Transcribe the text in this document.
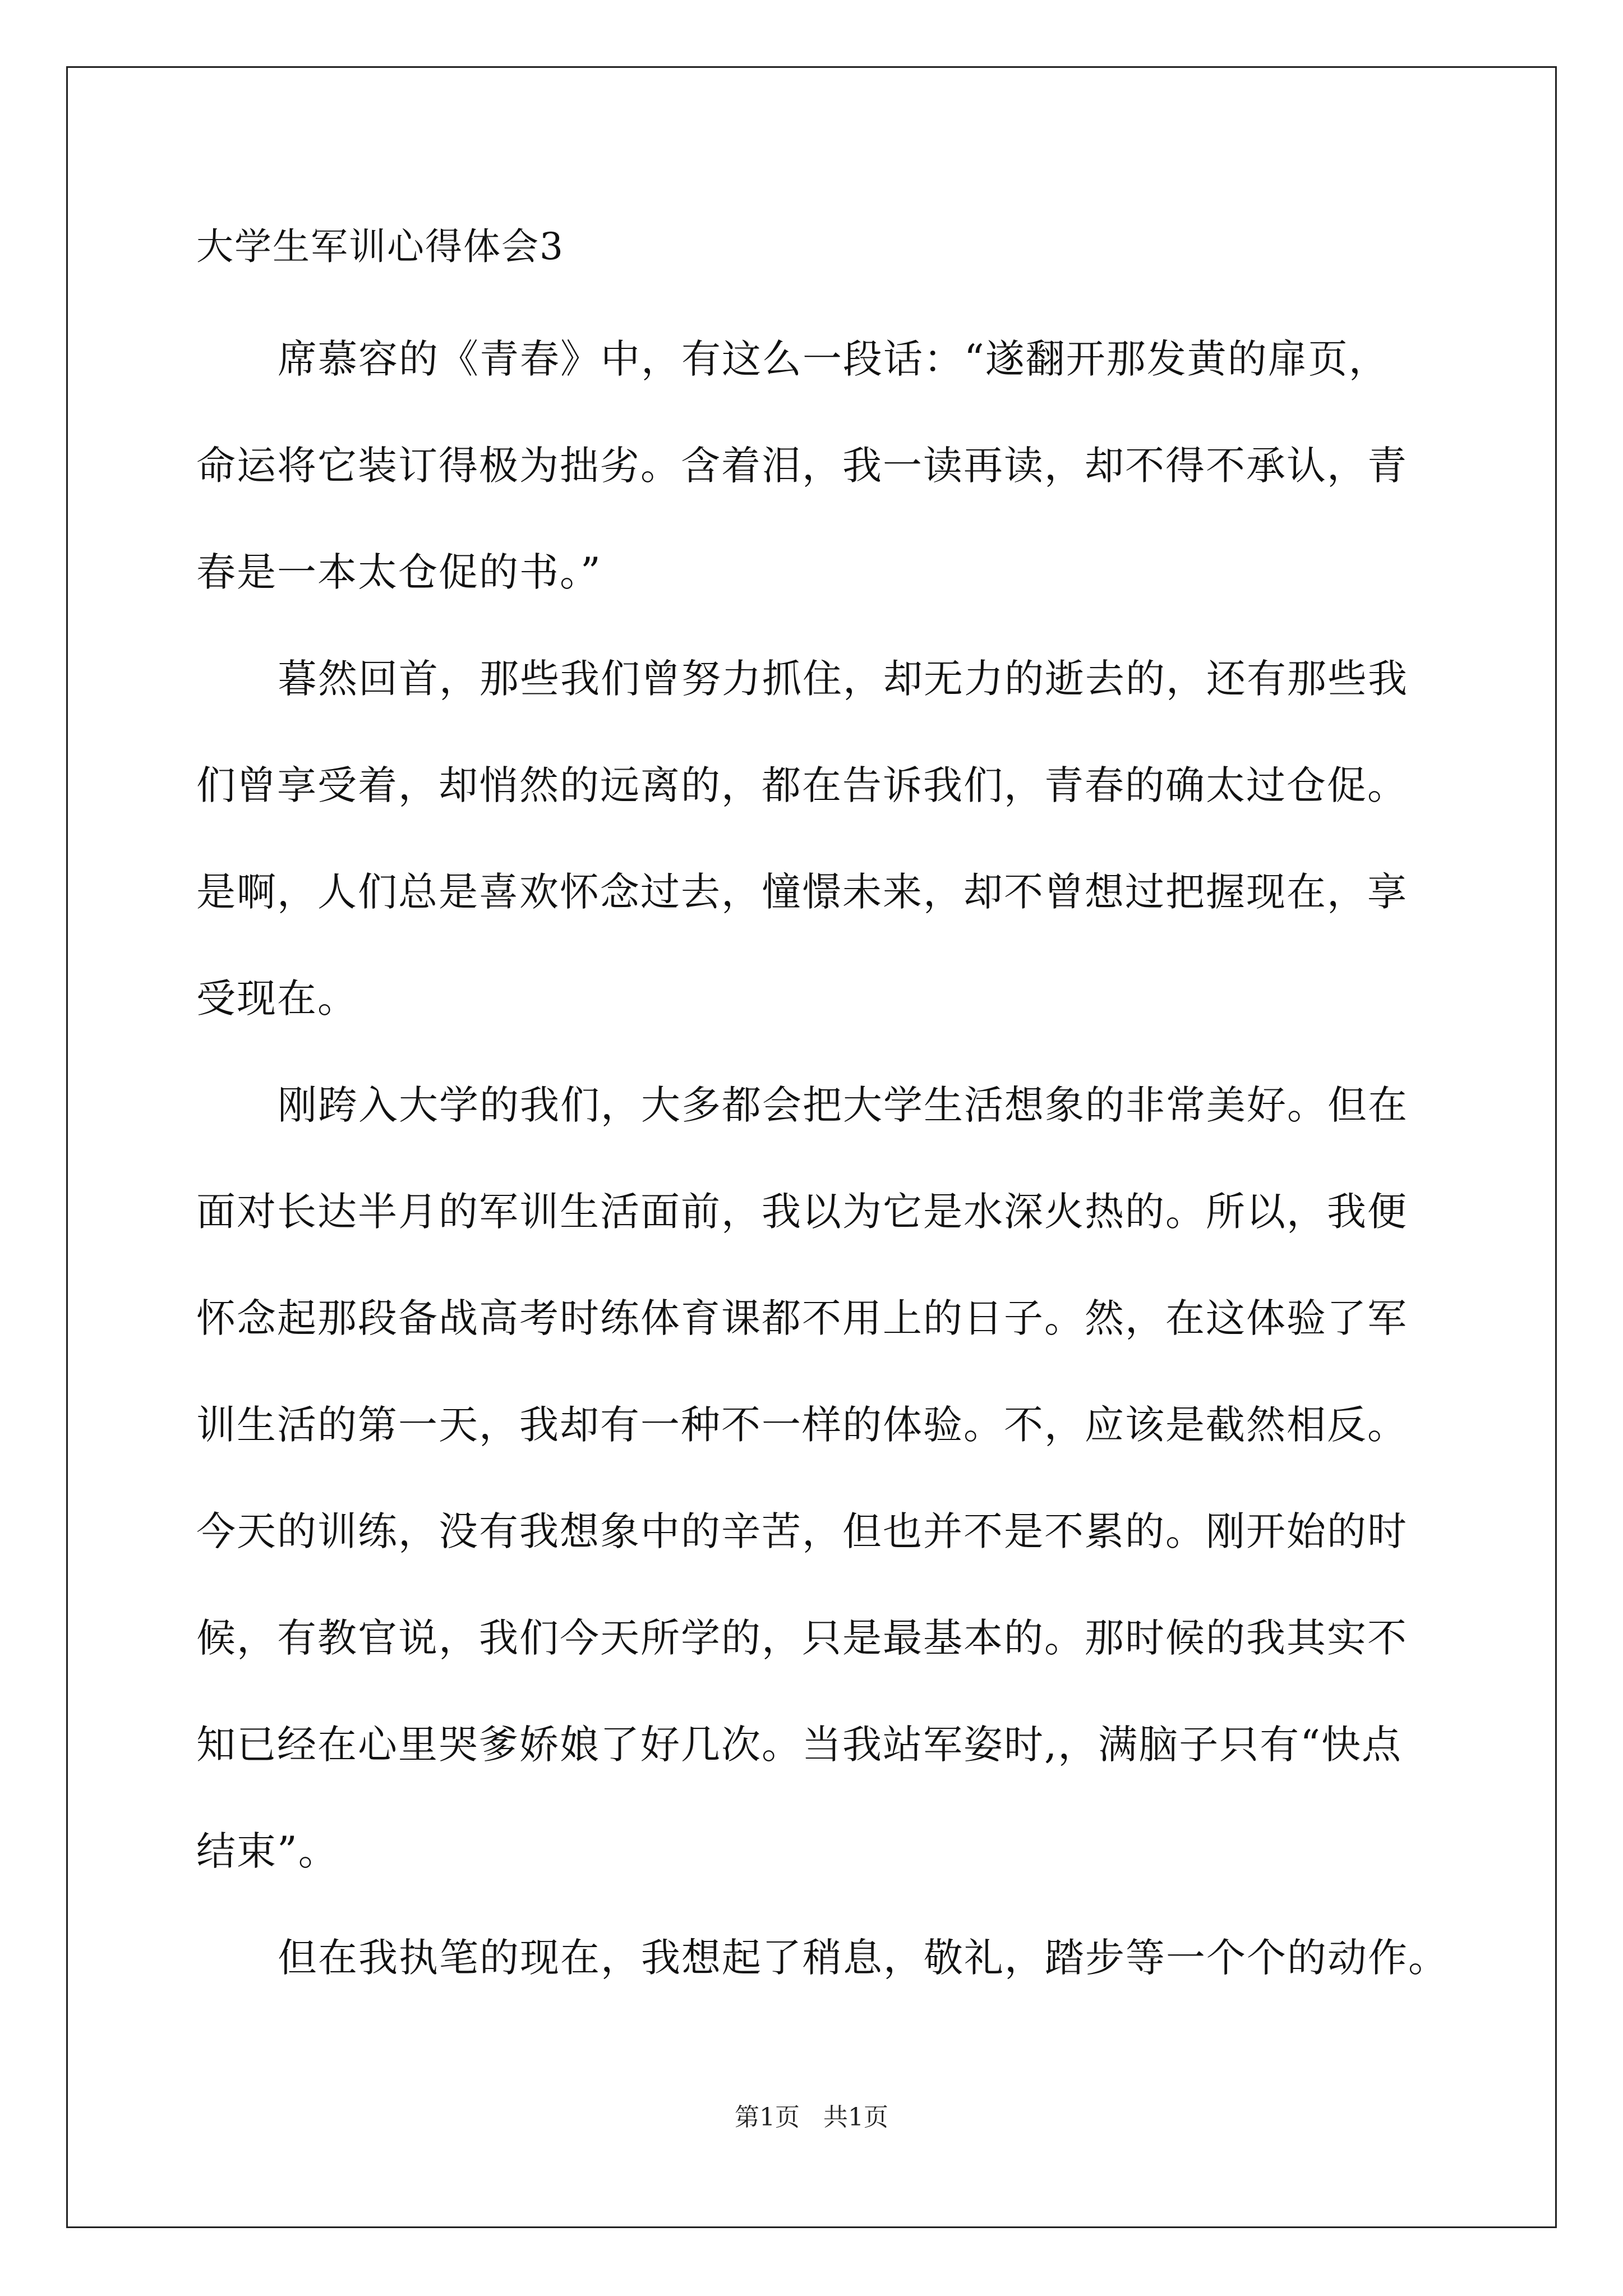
大学生军训心得体会3
席慕容的《青春》中，有这么一段话：“遂翻开那发黄的扉页，
命运将它装订得极为拙劣。含着泪，我一读再读，却不得不承认，青
春是一本太仓促的书。”
暮然回首，那些我们曾努力抓住，却无力的逝去的，还有那些我
们曾享受着，却悄然的远离的，都在告诉我们，青春的确太过仓促。
是啊，人们总是喜欢怀念过去，憧憬未来，却不曾想过把握现在，享
受现在。
刚跨入大学的我们，大多都会把大学生活想象的非常美好。但在
面对长达半月的军训生活面前，我以为它是水深火热的。所以，我便
怀念起那段备战高考时练体育课都不用上的日子。然，在这体验了军
训生活的第一天，我却有一种不一样的体验。不，应该是截然相反。
今天的训练，没有我想象中的辛苦，但也并不是不累的。刚开始的时
候，有教官说，我们今天所学的，只是最基本的。那时候的我其实不
知已经在心里哭爹娇娘了好几次。当我站军姿时,，满脑子只有“快点
结束”。
但在我执笔的现在，我想起了稍息，敬礼，踏步等一个个的动作。
第1页   共1页
